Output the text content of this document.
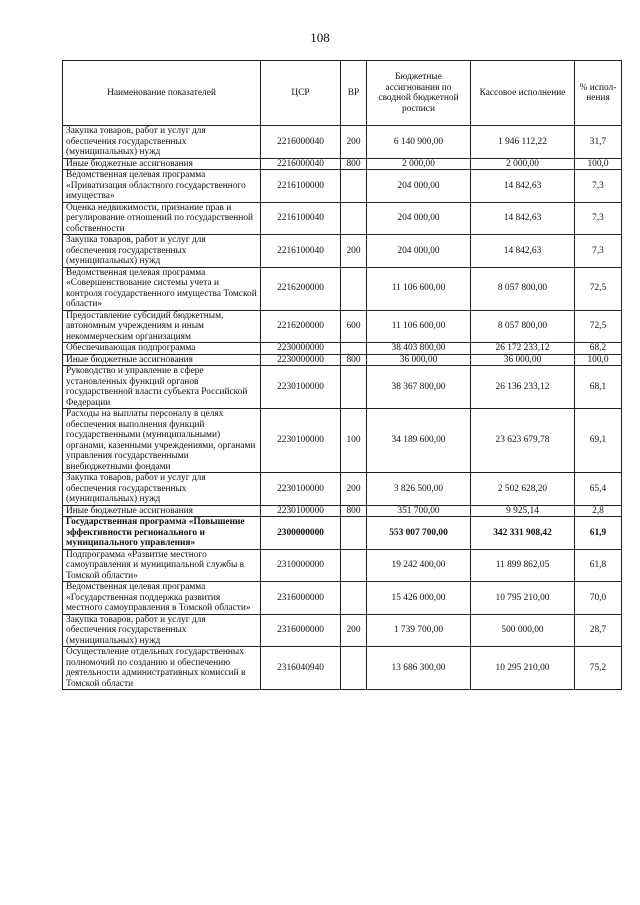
108
Наименование показателей	ЦСР	ВР	Бюджетные ассигнования по сводной бюджетной росписи	Кассовое исполнение	% испол-нения
Закупка товаров, работ и услуг для обеспечения государственных (муниципальных) нужд	2216000040	200	6 140 900,00	1 946 112,22	31,7
Иные бюджетные ассигнования	2216000040	800	2 000,00	2 000,00	100,0
Ведомственная целевая программа «Приватизация областного государственного имущества»	2216100000		204 000,00	14 842,63	7,3
Оценка недвижимости, признание прав и регулирование отношений по государственной собственности	2216100040		204 000,00	14 842,63	7,3
Закупка товаров, работ и услуг для обеспечения государственных (муниципальных) нужд	2216100040	200	204 000,00	14 842,63	7,3
Ведомственная целевая программа «Совершенствование системы учета и контроля государственного имущества Томской области»	2216200000		11 106 600,00	8 057 800,00	72,5
Предоставление субсидий бюджетным, автономным учреждениям и иным некоммерческим организациям	2216200000	600	11 106 600,00	8 057 800,00	72,5
Обеспечивающая подпрограмма	2230000000		38 403 800,00	26 172 233,12	68,2
Иные бюджетные ассигнования	2230000000	800	36 000,00	36 000,00	100,0
Руководство и управление в сфере установленных функций органов государственной власти субъекта Российской Федерации	2230100000		38 367 800,00	26 136 233,12	68,1
Расходы на выплаты персоналу в целях обеспечения выполнения функций государственными (муниципальными) органами, казенными учреждениями, органами управления государственными внебюджетными фондами	2230100000	100	34 189 600,00	23 623 679,78	69,1
Закупка товаров, работ и услуг для обеспечения государственных (муниципальных) нужд	2230100000	200	3 826 500,00	2 502 628,20	65,4
Иные бюджетные ассигнования	2230100000	800	351 700,00	9 925,14	2,8
Государственная программа «Повышение эффективности регионального и муниципального управления»	2300000000		553 007 700,00	342 331 908,42	61,9
Подпрограмма «Развитие местного самоуправления и муниципальной службы в Томской области»	2310000000		19 242 400,00	11 899 862,05	61,8
Ведомственная целевая программа «Государственная поддержка развития местного самоуправления в Томской области»	2316000000		15 426 000,00	10 795 210,00	70,0
Закупка товаров, работ и услуг для обеспечения государственных (муниципальных) нужд	2316000000	200	1 739 700,00	500 000,00	28,7
Осуществление отдельных государственных полномочий по созданию и обеспечению деятельности административных комиссий в Томской области	2316040940		13 686 300,00	10 295 210,00	75,2
